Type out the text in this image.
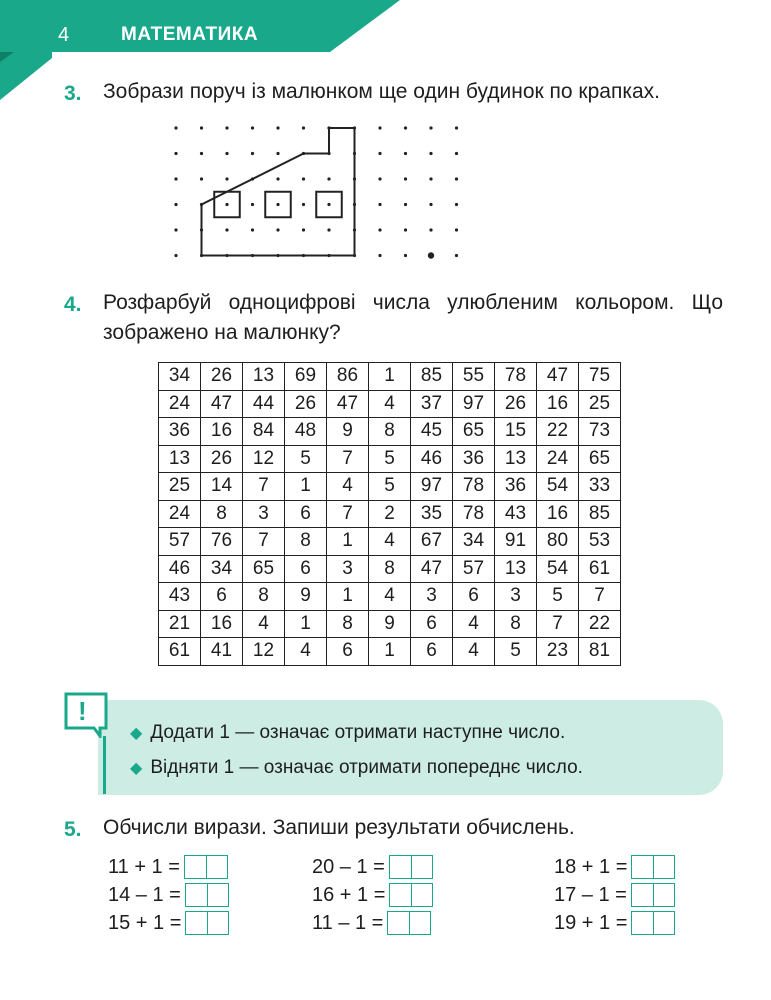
4	МАТЕМАТИКА
3. Зобрази поруч із малюнком ще один будинок по крапках.
4. Розфарбуй одноцифрові числа улюбленим кольором. Що
зображено на малюнку?
34	26	13	69	86	1	85	55	78	47	75
24	47	44	26	47	4	37	97	26	16	25
36	16	84	48	9	8	45	65	15	22	73
13	26	12	5	7	5	46	36	13	24	65
25	14	7	1	4	5	97	78	36	54	33
24	8	3	6	7	2	35	78	43	16	85
57	76	7	8	1	4	67	34	91	80	53
46	34	65	6	3	8	47	57	13	54	61
43	6	8	9	1	4	3	6	3	5	7
21	16	4	1	8	9	6	4	8	7	22
61	41	12	4	6	1	6	4	5	23	81
!
◆ Додати 1 — означає отримати наступне число.
◆ Відняти 1 — означає отримати попереднє число.
5. Обчисли вирази. Запиши результати обчислень.
11 + 1 =
14 – 1 =
15 + 1 =
20 – 1 =
16 + 1 =
11 – 1 =
18 + 1 =
17 – 1 =
19 + 1 =
